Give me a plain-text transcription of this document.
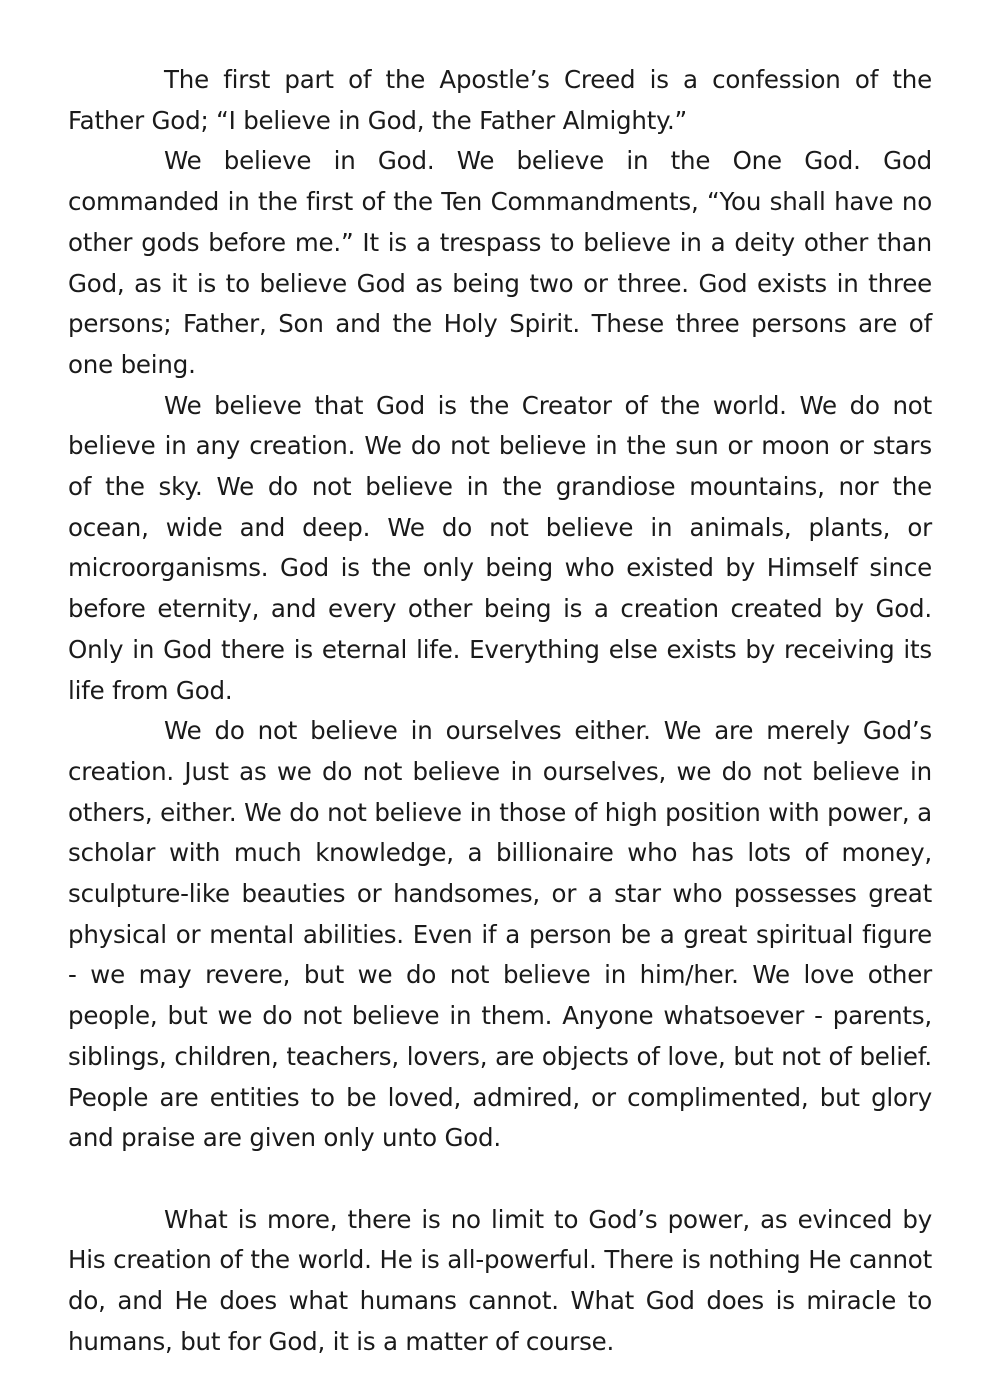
The first part of the Apostle’s Creed is a confession of the Father God; “I believe in God, the Father Almighty.”

We believe in God. We believe in the One God. God commanded in the first of the Ten Commandments, “You shall have no other gods before me.” It is a trespass to believe in a deity other than God, as it is to believe God as being two or three. God exists in three persons; Father, Son and the Holy Spirit. These three persons are of one being.

We believe that God is the Creator of the world. We do not believe in any creation. We do not believe in the sun or moon or stars of the sky. We do not believe in the grandiose mountains, nor the ocean, wide and deep. We do not believe in animals, plants, or microorganisms. God is the only being who existed by Himself since before eternity, and every other being is a creation created by God. Only in God there is eternal life. Everything else exists by receiving its life from God.

We do not believe in ourselves either. We are merely God’s creation. Just as we do not believe in ourselves, we do not believe in others, either. We do not believe in those of high position with power, a scholar with much knowledge, a billionaire who has lots of money, sculpture-like beauties or handsomes, or a star who possesses great physical or mental abilities. Even if a person be a great spiritual figure - we may revere, but we do not believe in him/her. We love other people, but we do not believe in them. Anyone whatsoever - parents, siblings, children, teachers, lovers, are objects of love, but not of belief. People are entities to be loved, admired, or complimented, but glory and praise are given only unto God.

What is more, there is no limit to God’s power, as evinced by His creation of the world. He is all-powerful. There is nothing He cannot do, and He does what humans cannot. What God does is miracle to humans, but for God, it is a matter of course.
